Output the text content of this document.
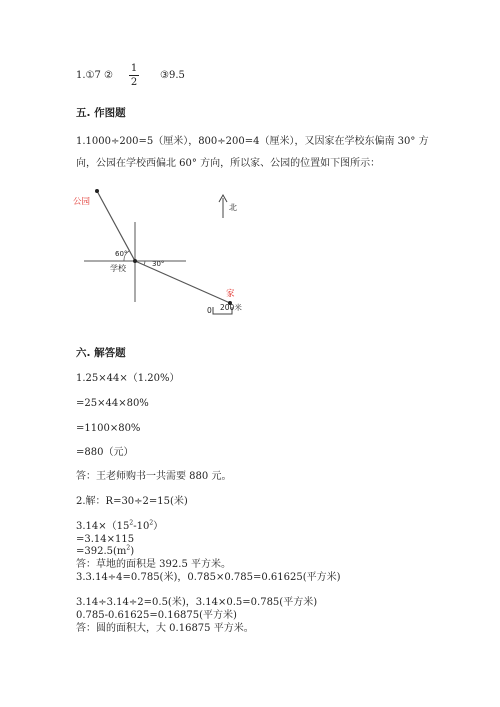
1.①7 ②
1
2
③9.5
五. 作图题
1.1000÷200=5（厘米），800÷200=4（厘米），又因家在学校东偏南 30° 方
向，公园在学校西偏北 60° 方向，所以家、公园的位置如下图所示：
公园
学校
家
北
60°
30°
0 200米
六. 解答题
1.25×44×（1.20%）
=25×44×80%
=1100×80%
=880（元）
答：王老师购书一共需要 880 元。
2.解：R=30÷2=15(米)
$3.14\times(15^2-10^2)$
=3.14×115
$=392.5(m^2)$
答：草地的面积是 392.5 平方米。
3.3.14÷4=0.785(米)，0.785×0.785=0.61625(平方米)
3.14÷3.14÷2=0.5(米)，3.14×0.5=0.785(平方米)
0.785-0.61625=0.16875(平方米)
答：圆的面积大，大 0.16875 平方米。
